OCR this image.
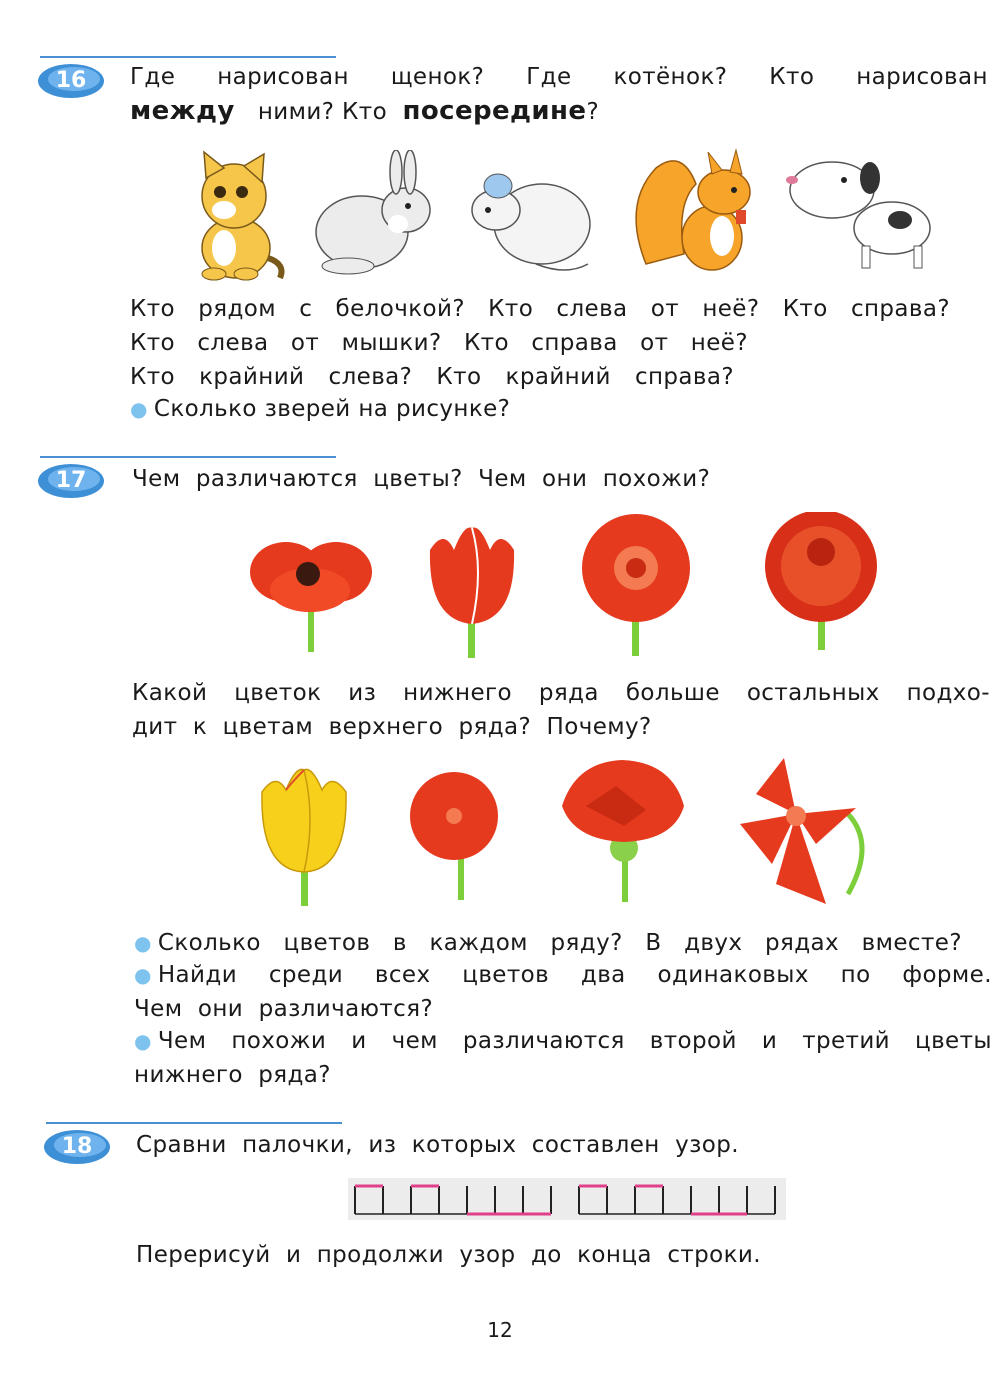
16	Где нарисован щенок? Где котёнок? Кто нарисован
между ними? Кто посередине?
Кто рядом с белочкой? Кто слева от неё? Кто справа?
Кто слева от мышки? Кто справа от неё?
Кто крайний слева? Кто крайний справа?
● Сколько зверей на рисунке?
17	Чем  различаются  цветы?  Чем  они  похожи?
Какой цветок из нижнего ряда больше остальных подхо-
дит  к  цветам  верхнего  ряда?  Почему?
● Сколько цветов в каждом ряду? В двух рядах вместе?
● Найди среди всех цветов два одинаковых по форме.
Чем  они  различаются?
● Чем похожи и чем различаются второй и третий цветы
нижнего  ряда?
18	Сравни  палочки,  из  которых  составлен  узор.
Перерисуй  и  продолжи  узор  до  конца  строки.
12
